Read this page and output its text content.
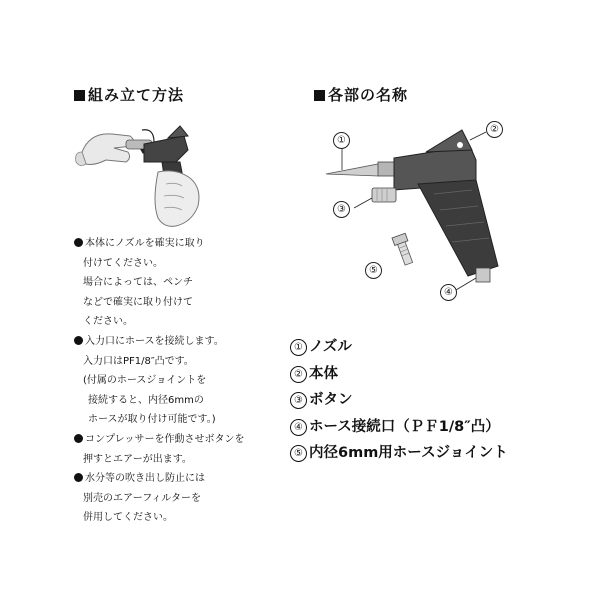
組み立て方法	各部の名称
①
②
③
④
⑤
本体にノズルを確実に取り
付けてください。
場合によっては、ペンチ
などで確実に取り付けて
ください。
入力口にホースを接続します。
入力口はPF1/8″凸です。
(付属のホースジョイントを
接続すると、内径6mmの
ホースが取り付け可能です。)
コンプレッサーを作動させボタンを
押すとエアーが出ます。
水分等の吹き出し防止には
別売のエアーフィルターを
併用してください。
① ノズル
② 本体
③ ボタン
④ ホース接続口（ＰＦ1/8″凸）
⑤ 内径6mm用ホースジョイント
